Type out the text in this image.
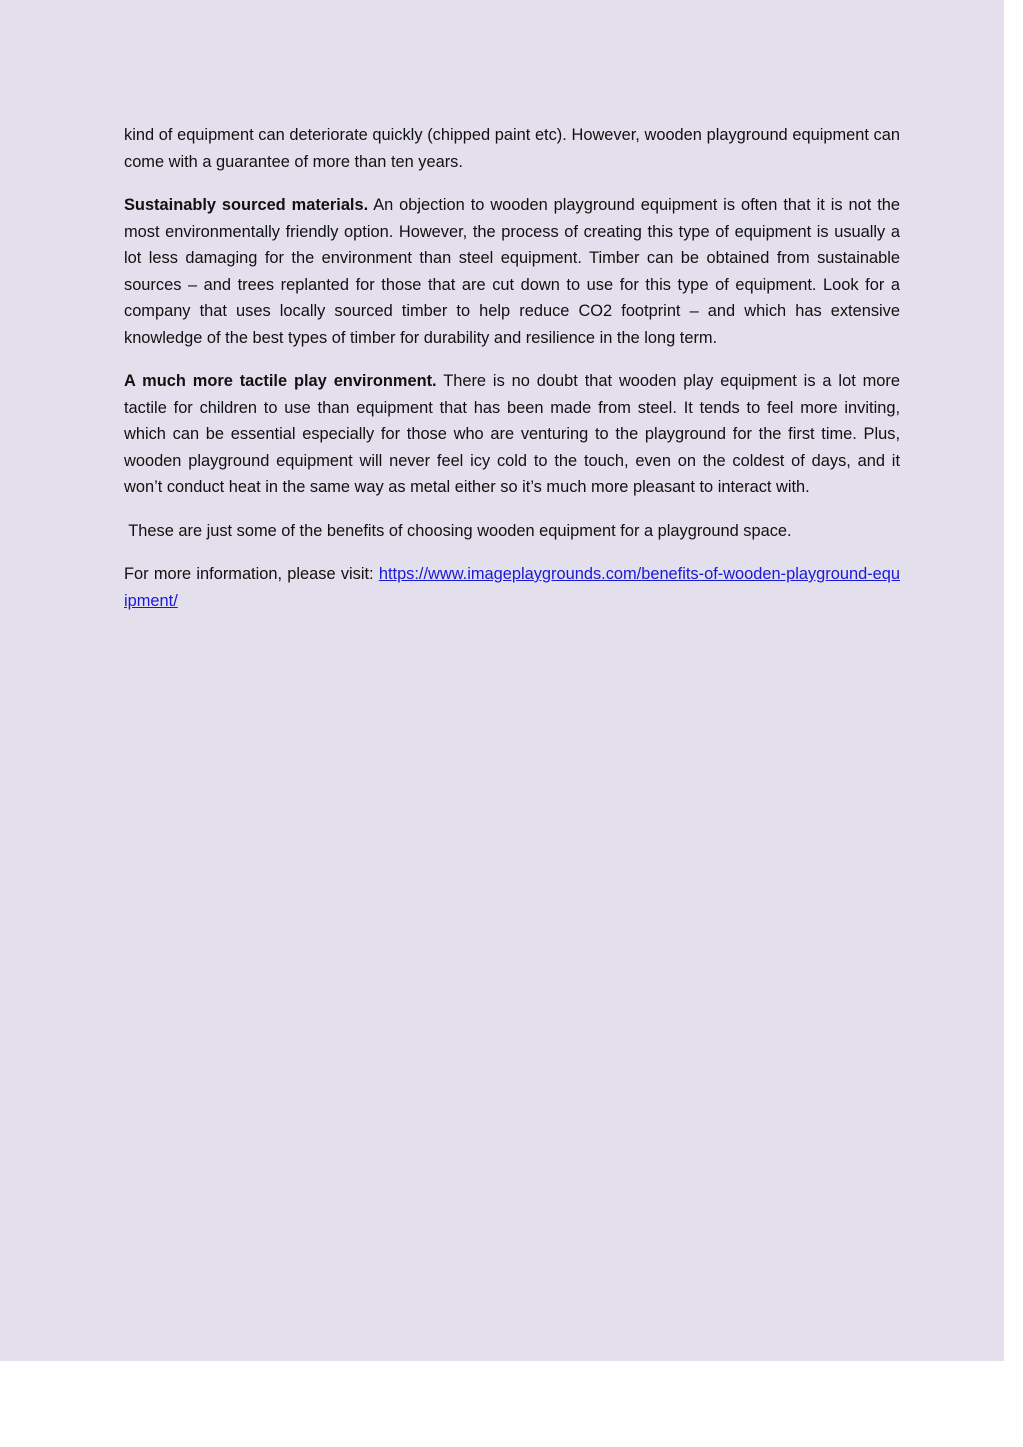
kind of equipment can deteriorate quickly (chipped paint etc). However, wooden playground equipment can come with a guarantee of more than ten years.

Sustainably sourced materials. An objection to wooden playground equipment is often that it is not the most environmentally friendly option. However, the process of creating this type of equipment is usually a lot less damaging for the environment than steel equipment. Timber can be obtained from sustainable sources – and trees replanted for those that are cut down to use for this type of equipment. Look for a company that uses locally sourced timber to help reduce CO2 footprint – and which has extensive knowledge of the best types of timber for durability and resilience in the long term.

A much more tactile play environment. There is no doubt that wooden play equipment is a lot more tactile for children to use than equipment that has been made from steel. It tends to feel more inviting, which can be essential especially for those who are venturing to the playground for the first time. Plus, wooden playground equipment will never feel icy cold to the touch, even on the coldest of days, and it won’t conduct heat in the same way as metal either so it’s much more pleasant to interact with.

These are just some of the benefits of choosing wooden equipment for a playground space.

For more information, please visit: https://www.imageplaygrounds.com/benefits-of-wooden-playground-equipment/
